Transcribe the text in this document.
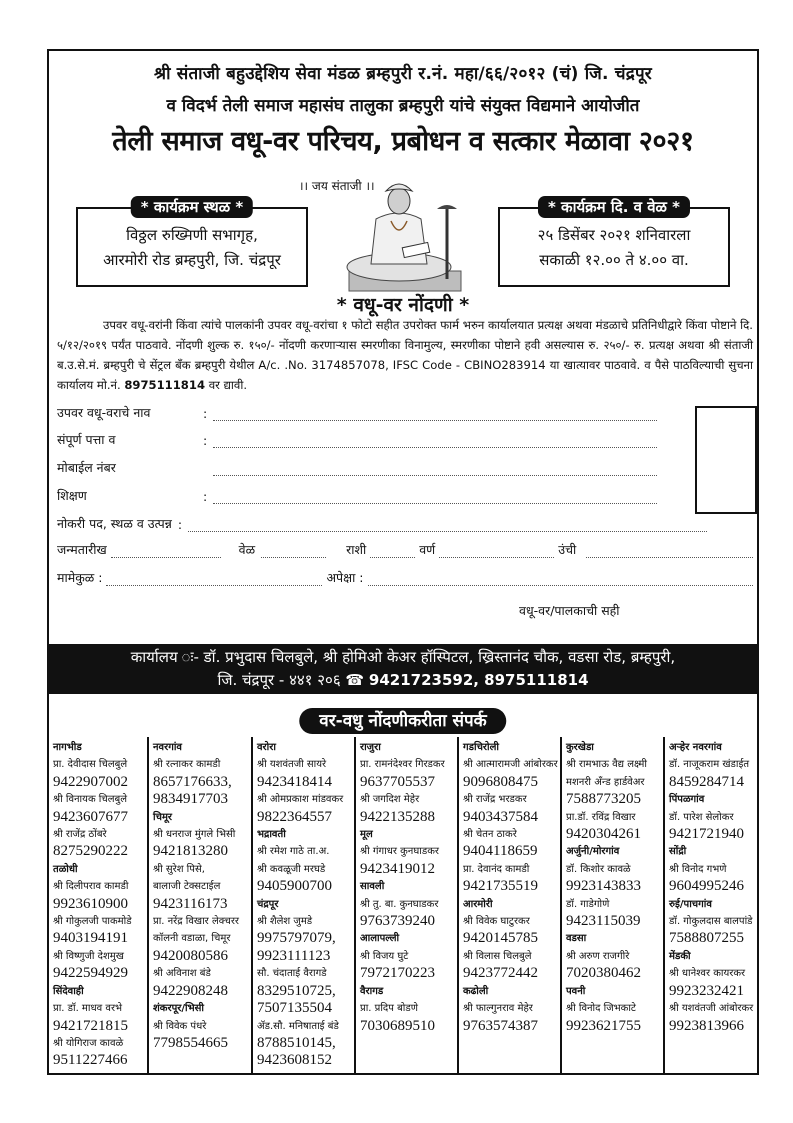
श्री संताजी बहुउद्देशिय सेवा मंडळ ब्रम्हपुरी र.नं. महा/६६/२०१२ (चं) जि. चंद्रपूर
व विदर्भ तेली समाज महासंघ तालुका ब्रम्हपुरी यांचे संयुक्त विद्यमाने आयोजीत
तेली समाज वधू-वर परिचय, प्रबोधन व सत्कार मेळावा २०२१
।। जय संताजी ।।
* कार्यक्रम स्थळ *
विठ्ठल रुख्मिणी सभागृह,
आरमोरी रोड ब्रम्हपुरी, जि. चंद्रपूर
* कार्यक्रम दि. व वेळ *
२५ डिसेंबर २०२१ शनिवारला
सकाळी १२.०० ते ४.०० वा.
* वधू-वर नोंदणी *
उपवर वधू-वरांनी किंवा त्यांचे पालकांनी उपवर वधू-वरांचा १ फोटो सहीत उपरोक्त फार्म भरुन कार्यालयात प्रत्यक्ष अथवा मंडळाचे प्रतिनिधीद्वारे किंवा पोष्टाने दि. ५/१२/२०१९ पर्यंत पाठवावे. नोंदणी शुल्क रु. १५०/- नोंदणी करणाऱ्यास स्मरणीका विनामुल्य, स्मरणीका पोष्टाने हवी असल्यास रु. २५०/- रु. प्रत्यक्ष अथवा श्री संताजी ब.उ.से.मं. ब्रम्हपुरी चे सेंट्रल बँक ब्रम्हपुरी येथील A/c. .No. 3174857078, IFSC Code - CBINO283914 या खात्यावर पाठवावे. व पैसे पाठविल्याची सुचना कार्यालय मो.नं. 8975111814 वर द्यावी.
उपवर वधू-वराचे नाव	:
संपूर्ण पत्ता व	:
मोबाईल नंबर
शिक्षण	:
नोकरी पद, स्थळ व उत्पन्न :
जन्मतारीख	वेळ	राशी	वर्ण	उंची
मामेकुळ :	अपेक्षा :
वधू-वर/पालकाची सही
कार्यालय ः- डॉ. प्रभुदास चिलबुले, श्री होमिओ केअर हॉस्पिटल, ख्रिस्तानंद चौक, वडसा रोड, ब्रम्हपुरी,
जि. चंद्रपूर - ४४१ २०६ ☎ 9421723592, 8975111814
वर-वधु नोंदणीकरीता संपर्क
नागभीड
प्रा. देवीदास चिलबुले
9422907002
श्री विनायक चिलबुले
9423607677
श्री राजेंद्र ठोंबरे
8275290222
तळोधी
श्री दिलीपराव कामडी
9923610900
श्री गोकुलजी पाकमोडे
9403194191
श्री विष्णुजी देशमुख
9422594929
सिंदेवाही
प्रा. डॉ. माधव वरभे
9421721815
श्री योगिराज कावळे
9511227466
नवरगांव
श्री रत्नाकर कामडी
8657176633,
9834917703
चिमूर
श्री धनराज मुंगले भिसी
9421813280
श्री सुरेश पिसे,
बालाजी टेक्सटाईल
9423116173
प्रा. नरेंद्र विखार लेक्चरर
कॉलनी वडाळा, चिमूर
9420080586
श्री अविनाश बंडे
9422908248
शंकरपूर/भिसी
श्री विवेक पंधरे
7798554665
वरोरा
श्री यशवंतजी सायरे
9423418414
श्री ओमप्रकाश मांडवकर
9822364557
भद्रावती
श्री रमेश गाठे ता.अ.
श्री कवळूजी मरघडे
9405900700
चंद्रपूर
श्री शैलेश जुमडे
9975797079,
9923111123
सौ. चंदाताई वैरागडे
8329510725,
7507135504
ॲड.सौ. मनिषाताई बंडे
8788510145,
9423608152
राजुरा
प्रा. रामनंदेश्वर गिरडकर
9637705537
श्री जगदिश मेहेर
9422135288
मूल
श्री गंगाधर कुनघाडकर
9423419012
सावली
श्री तु. बा. कुनघाडकर
9763739240
आलापल्ली
श्री विजय घुटे
7972170223
वैरागड
प्रा. प्रदिप बोडणे
7030689510
गडचिरोली
श्री आत्मारामजी आंबोरकर
9096808475
श्री राजेंद्र भरडकर
9403437584
श्री चेतन ठाकरे
9404118659
प्रा. देवानंद कामडी
9421735519
आरमोरी
श्री विवेक घाटुरकर
9420145785
श्री विलास चिलबुले
9423772442
कढोली
श्री फाल्गुनराव मेहेर
9763574387
कुरखेडा
श्री रामभाऊ वैद्य लक्ष्मी
मशनरी अँन्ड हार्डवेअर
7588773205
प्रा.डॉ. रविंद्र विखार
9420304261
अर्जुनी/मोरगांव
डॉ. किशोर कावळे
9923143833
डॉ. गाडेगोणे
9423115039
वडसा
श्री अरुण राजगीरे
7020380462
पवनी
श्री विनोद जिभकाटे
9923621755
अऱ्हेर नवरगांव
डॉ. नाजूकराम खंडाईत
8459284714
पिंपळगांव
डॉ. पारेश सेलोकर
9421721940
सोंद्री
श्री विनोद गभणे
9604995246
रुई/पाचगांव
डॉ. गोकुलदास बालपांडे
7588807255
मेंडकी
श्री धानेश्वर कायरकर
9923232421
श्री यशवंतजी आंबोरकर
9923813966
